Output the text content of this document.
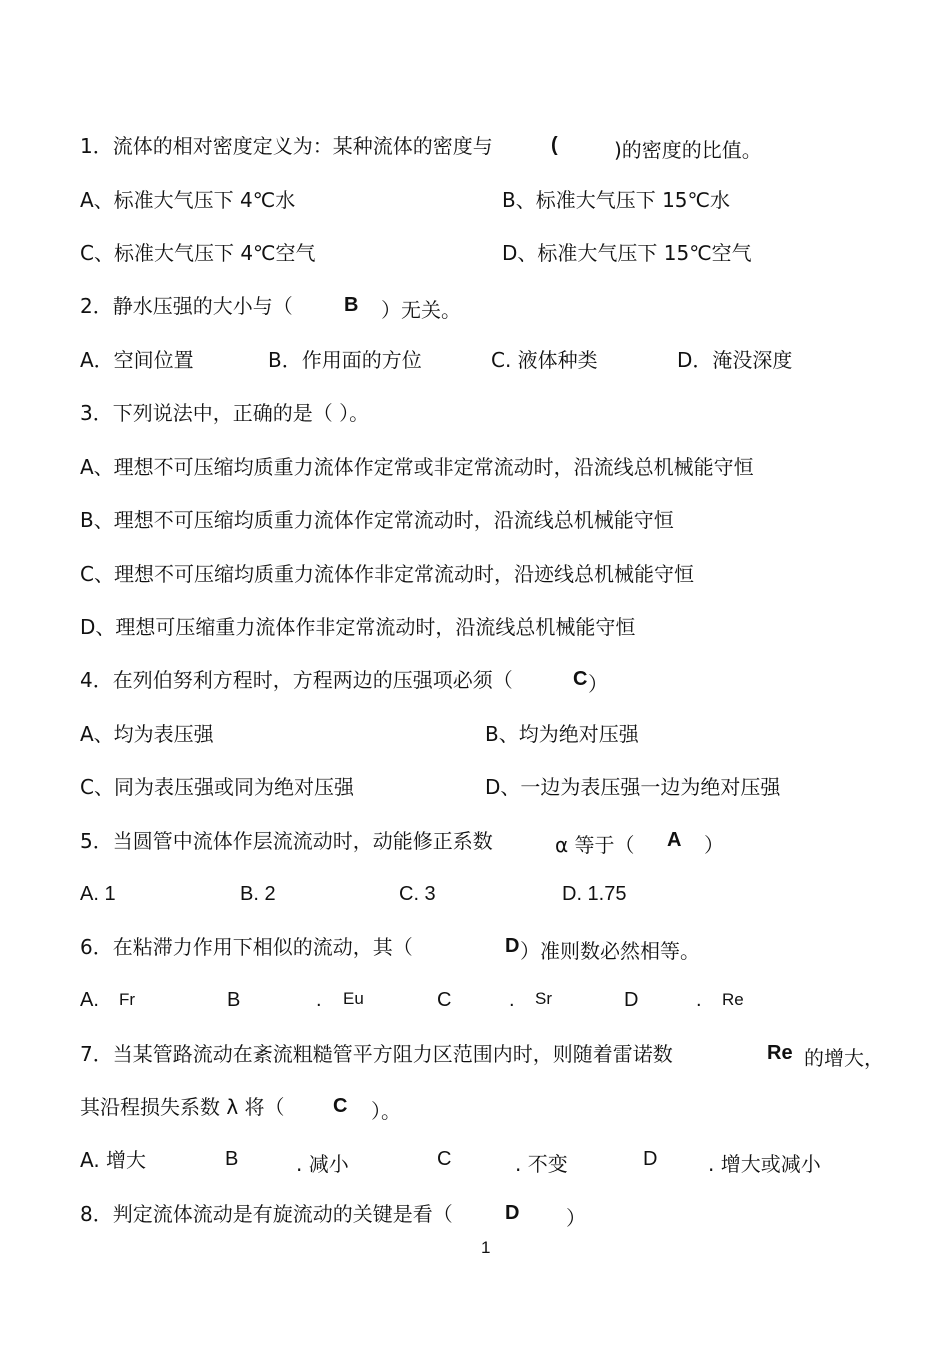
1．流体的相对密度定义为：某种流体的密度与	(	)的密度的比值。
A、标准大气压下 4℃水	B、标准大气压下 15℃水
C、标准大气压下 4℃空气	D、标准大气压下 15℃空气
2．静水压强的大小与（	B ）无关。
A．空间位置	B．作用面的方位	C. 液体种类	D．淹没深度
3．下列说法中，正确的是（ ）。
A、理想不可压缩均质重力流体作定常或非定常流动时，沿流线总机械能守恒
B、理想不可压缩均质重力流体作定常流动时，沿流线总机械能守恒
C、理想不可压缩均质重力流体作非定常流动时，沿迹线总机械能守恒
D、理想可压缩重力流体作非定常流动时，沿流线总机械能守恒
4．在列伯努利方程时，方程两边的压强项必须（	C ）
A、均为表压强	B、均为绝对压强
C、同为表压强或同为绝对压强	D、一边为表压强一边为绝对压强
5．当圆管中流体作层流流动时，动能修正系数	α 等于（ A ）
A. 1	B. 2	C. 3	D. 1.75
6．在粘滞力作用下相似的流动，其（	D ）准则数必然相等。
A. Fr	B	. Eu	C	. Sr	D	. Re
7．当某管路流动在紊流粗糙管平方阻力区范围内时，则随着雷诺数	Re 的增大，
其沿程损失系数 λ 将（ C ）。
A. 增大	B	. 减小	C	. 不变	D	. 增大或减小
8．判定流体流动是有旋流动的关键是看（	D ）
1
